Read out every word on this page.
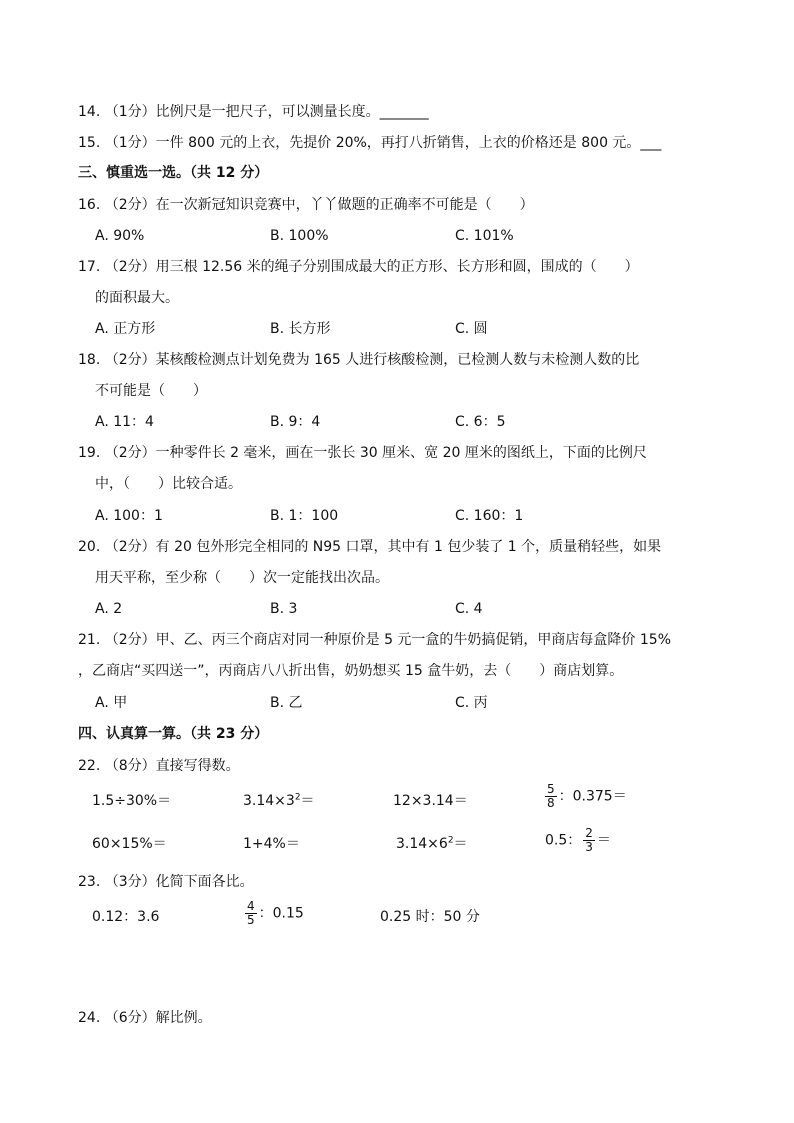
14. （1分）比例尺是一把尺子，可以测量长度。_______
15. （1分）一件 800 元的上衣，先提价 20%，再打八折销售，上衣的价格还是 800 元。___
三、慎重选一选。（共 12 分）
16. （2分）在一次新冠知识竞赛中，丫丫做题的正确率不可能是（　　）
A. 90%	B. 100%	C. 101%
17. （2分）用三根 12.56 米的绳子分别围成最大的正方形、长方形和圆，围成的（　　）
的面积最大。
A. 正方形	B. 长方形	C. 圆
18. （2分）某核酸检测点计划免费为 165 人进行核酸检测，已检测人数与未检测人数的比
不可能是（　　）
A. 11：4	B. 9：4	C. 6：5
19. （2分）一种零件长 2 毫米，画在一张长 30 厘米、宽 20 厘米的图纸上，下面的比例尺
中，（　　）比较合适。
A. 100：1	B. 1：100	C. 160：1
20. （2分）有 20 包外形完全相同的 N95 口罩，其中有 1 包少装了 1 个，质量稍轻些，如果
用天平称，至少称（　　）次一定能找出次品。
A. 2	B. 3	C. 4
21. （2分）甲、乙、丙三个商店对同一种原价是 5 元一盒的牛奶搞促销，甲商店每盒降价 15%
，乙商店“买四送一”，丙商店八八折出售，奶奶想买 15 盒牛奶，去（　　）商店划算。
A. 甲	B. 乙	C. 丙
四、认真算一算。（共 23 分）
22. （8分）直接写得数。
1.5÷30%＝	$3.14\times 3^2=$	12×3.14＝	$\frac{5}{8}$ ：0.375＝
60×15%＝	1+4%＝	$3.14\times 6^2=$	0.5： $\frac{2}{3}$ ＝
23. （3分）化简下面各比。
0.12：3.6	$\frac{4}{5}$ ：0.15	0.25 时：50 分
24. （6分）解比例。
